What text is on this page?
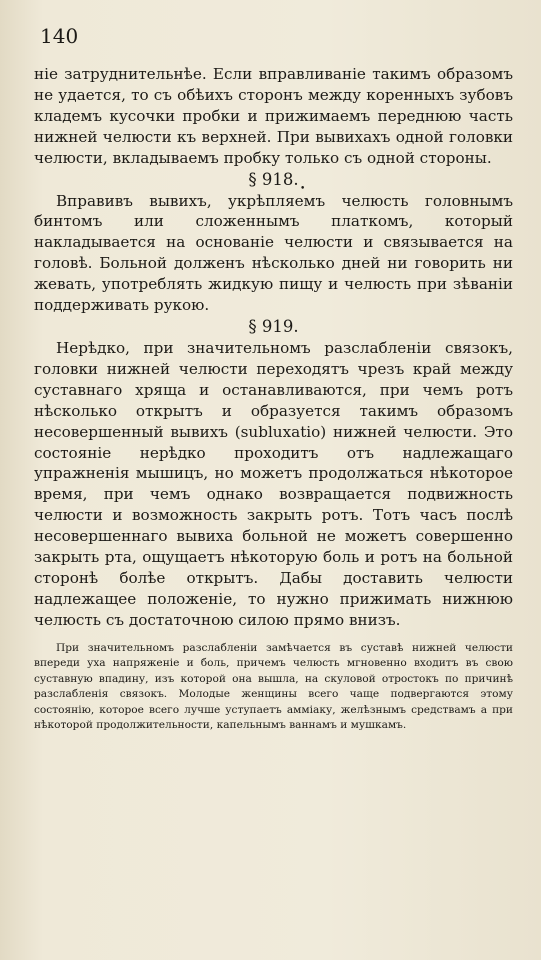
140

ніе затруднительнѣе. Если вправливаніе такимъ образомъ не удается, то съ обѣихъ сторонъ между коренныхъ зубовъ кладемъ кусочки пробки и прижимаемъ переднюю часть нижней челюсти къ верхней. При вывихахъ одной головки челюсти, вкладываемъ пробку только съ одной стороны.

§ 918.

Вправивъ вывихъ, укрѣпляемъ челюсть головнымъ бинтомъ или сложеннымъ платкомъ, который накладывается на основаніе челюсти и связывается на головѣ. Больной долженъ нѣсколько дней ни говорить ни жевать, употреблять жидкую пищу и челюсть при зѣваніи поддерживать рукою.

§ 919.

Нерѣдко, при значительномъ разслабленіи связокъ, головки нижней челюсти переходятъ чрезъ край между суставнаго хряща и останавливаются, при чемъ ротъ нѣсколько открытъ и образуется такимъ образомъ несовершенный вывихъ (subluxatio) нижней челюсти. Это состояніе нерѣдко проходитъ отъ надлежащаго упражненія мышицъ, но можетъ продолжаться нѣкоторое время, при чемъ однако возвращается подвижность челюсти и возможность закрыть ротъ. Тотъ часъ послѣ несовершеннаго вывиха больной не можетъ совершенно закрыть рта, ощущаетъ нѣкоторую боль и ротъ на больной сторонѣ болѣе открытъ. Дабы доставить челюсти надлежащее положеніе, то нужно прижимать нижнюю челюсть съ достаточною силою прямо внизъ.

При значительномъ разслабленіи замѣчается въ суставѣ нижней челюсти впереди уха напряженіе и боль, причемъ челюсть мгновенно входитъ въ свою суставную впадину, изъ которой она вышла, на скуловой отростокъ по причинѣ разслабленія связокъ. Молодые женщины всего чаще подвергаются этому состоянію, которое всего лучше уступаетъ аммiаку, желѣзнымъ средствамъ а при нѣкоторой продолжительности, капельнымъ ваннамъ и мушкамъ.

•
